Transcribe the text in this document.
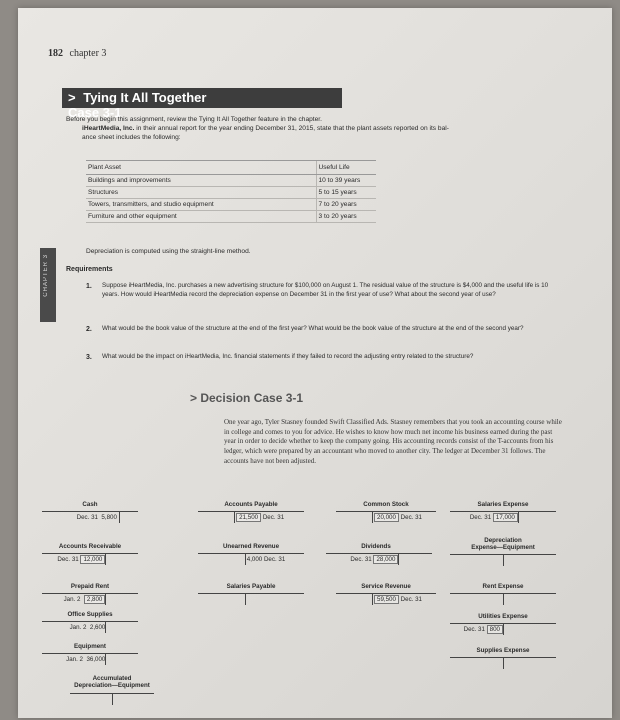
182 chapter 3
> Tying It All Together Case 3-1
Before you begin this assignment, review the Tying It All Together feature in the chapter.
iHeartMedia, Inc. in their annual report for the year ending December 31, 2015, state that the plant assets reported on its bal-
ance sheet includes the following:
Plant Asset	Useful Life
Buildings and improvements	10 to 39 years
Structures	5 to 15 years
Towers, transmitters, and studio equipment	7 to 20 years
Furniture and other equipment	3 to 20 years
Depreciation is computed using the straight-line method.
CHAPTER 3 Requirements
1.	Suppose iHeartMedia, Inc. purchases a new advertising structure for $100,000 on August 1. The residual value of the structure is $4,000 and the useful life is 10 years. How would iHeartMedia record the depreciation expense on December 31 in the first year of use? What about the second year of use?
2.	What would be the book value of the structure at the end of the first year? What would be the book value of the structure at the end of the second year?
3.	What would be the impact on iHeartMedia, Inc. financial statements if they failed to record the adjusting entry related to the structure?
> Decision Case 3-1
One year ago, Tyler Stasney founded Swift Classified Ads. Stasney remembers that you took an accounting course while in college and comes to you for advice. He wishes to know how much net income his business earned during the past year in order to decide whether to keep the company going. His accounting records consist of the T-accounts from his ledger, which were prepared by an accountant who moved to another city. The ledger at December 31 follows. The accounts have not been adjusted.
Cash
Dec. 31 5,800
Accounts Payable
21,500 Dec. 31
Common Stock
20,000 Dec. 31
Salaries Expense
Dec. 31 17,000
Accounts Receivable
Dec. 31 12,000
Unearned Revenue
4,000 Dec. 31
Dividends
Dec. 31 28,000
Depreciation
Expense—Equipment
Prepaid Rent
Jan. 2 2,800
Salaries Payable	Service Revenue
59,500 Dec. 31
Rent Expense
Office Supplies
Jan. 2 2,600
Utilities Expense
Dec. 31 800
Equipment
Jan. 2 36,000
Supplies Expense
Accumulated
Depreciation—Equipment
